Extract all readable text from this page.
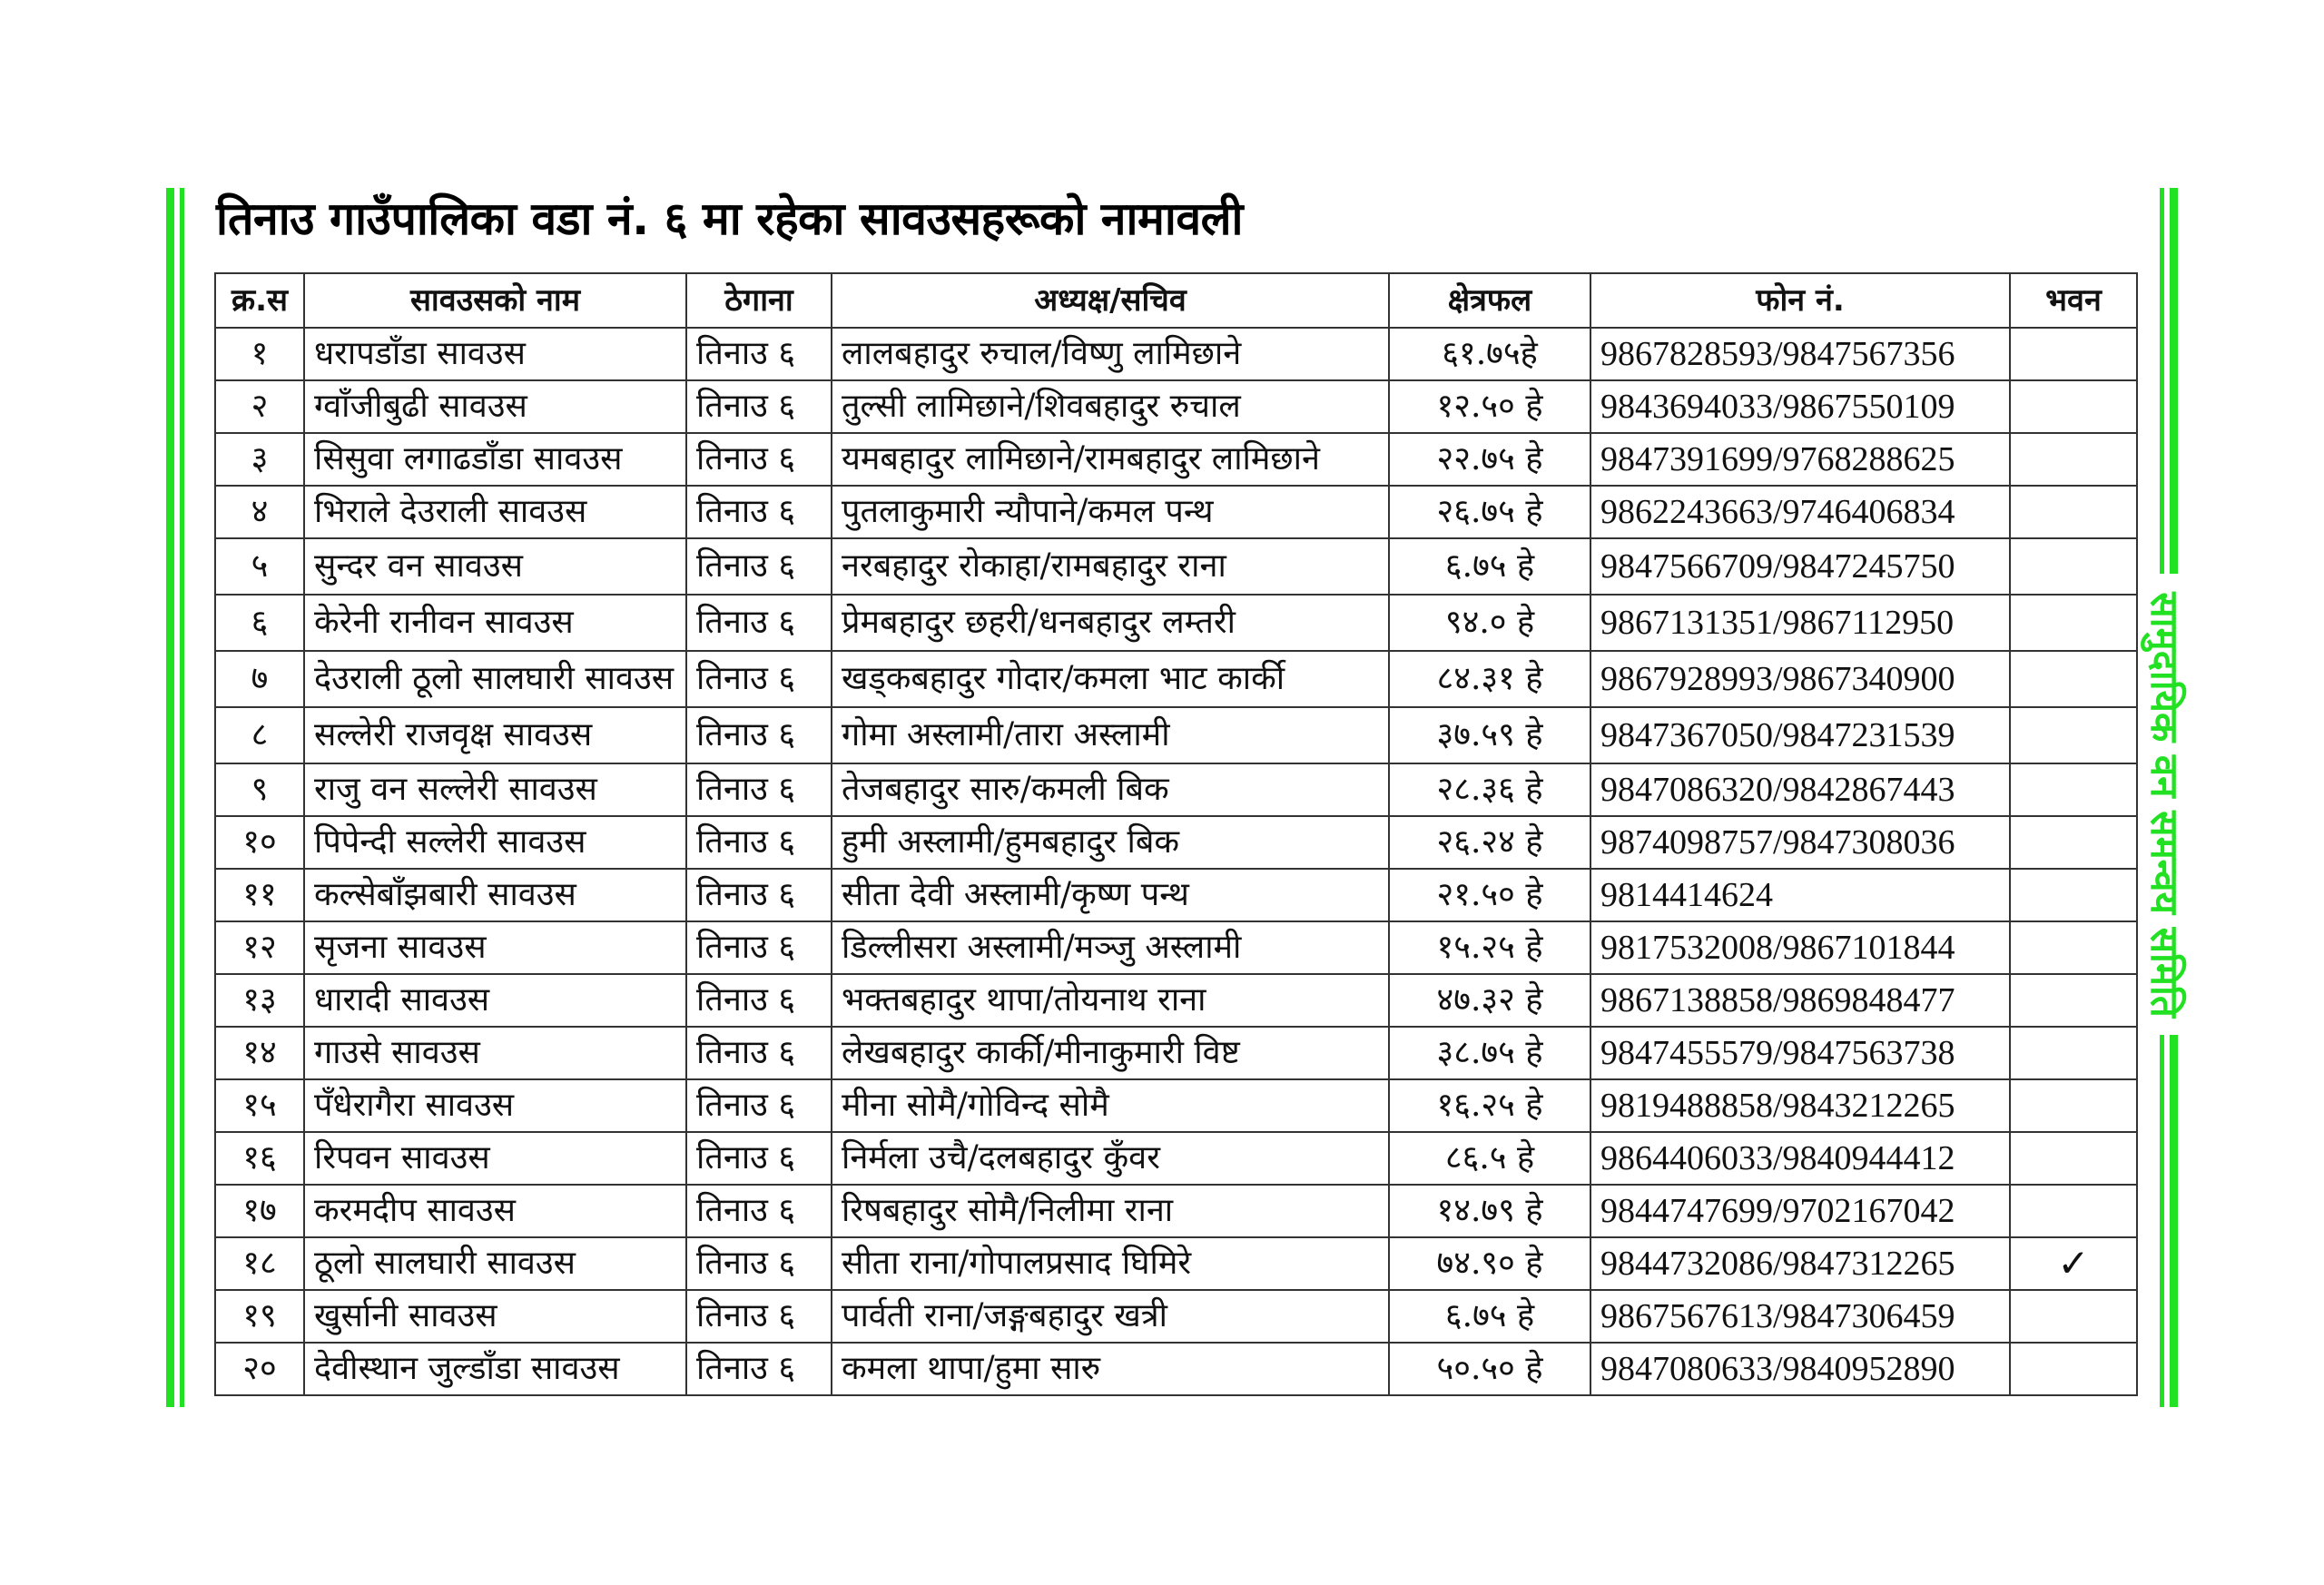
तिनाउ गाउँपालिका वडा नं. ६ मा रहेका सावउसहरूको नामावली
सामुदायिक वन समन्वय समिति
क्र.स	सावउसको नाम	ठेगाना	अध्यक्ष/सचिव	क्षेत्रफल	फोन नं.	भवन
१	धरापडाँडा सावउस	तिनाउ ६	लालबहादुर रुचाल/विष्णु लामिछाने	६१.७५हे	9867828593/9847567356	
२	ग्वाँजीबुढी सावउस	तिनाउ ६	तुल्सी लामिछाने/शिवबहादुर रुचाल	१२.५० हे	9843694033/9867550109	
३	सिसुवा लगाढडाँडा सावउस	तिनाउ ६	यमबहादुर लामिछाने/रामबहादुर लामिछाने	२२.७५ हे	9847391699/9768288625	
४	भिराले देउराली सावउस	तिनाउ ६	पुतलाकुमारी न्यौपाने/कमल पन्थ	२६.७५ हे	9862243663/9746406834	
५	सुन्दर वन सावउस	तिनाउ ६	नरबहादुर रोकाहा/रामबहादुर राना	६.७५ हे	9847566709/9847245750	
६	केरेनी रानीवन सावउस	तिनाउ ६	प्रेमबहादुर छहरी/धनबहादुर लम्तरी	९४.० हे	9867131351/9867112950	
७	देउराली ठूलो सालघारी सावउस	तिनाउ ६	खड्कबहादुर गोदार/कमला भाट कार्की	८४.३१ हे	9867928993/9867340900	
८	सल्लेरी राजवृक्ष सावउस	तिनाउ ६	गोमा अस्लामी/तारा अस्लामी	३७.५९ हे	9847367050/9847231539	
९	राजु वन सल्लेरी सावउस	तिनाउ ६	तेजबहादुर सारु/कमली बिक	२८.३६ हे	9847086320/9842867443	
१०	पिपेन्दी सल्लेरी सावउस	तिनाउ ६	हुमी अस्लामी/हुमबहादुर बिक	२६.२४ हे	9874098757/9847308036	
११	कल्सेबाँझबारी सावउस	तिनाउ ६	सीता देवी अस्लामी/कृष्ण पन्थ	२१.५० हे	9814414624	
१२	सृजना सावउस	तिनाउ ६	डिल्लीसरा अस्लामी/मञ्जु अस्लामी	१५.२५ हे	9817532008/9867101844	
१३	धारादी सावउस	तिनाउ ६	भक्तबहादुर थापा/तोयनाथ राना	४७.३२ हे	9867138858/9869848477	
१४	गाउसे सावउस	तिनाउ ६	लेखबहादुर कार्की/मीनाकुमारी विष्ट	३८.७५ हे	9847455579/9847563738	
१५	पँधेरागैरा सावउस	तिनाउ ६	मीना सोमै/गोविन्द सोमै	१६.२५ हे	9819488858/9843212265	
१६	रिपवन सावउस	तिनाउ ६	निर्मला उचै/दलबहादुर कुँवर	८६.५ हे	9864406033/9840944412	
१७	करमदीप सावउस	तिनाउ ६	रिषबहादुर सोमै/निलीमा राना	१४.७९ हे	9844747699/9702167042	
१८	ठूलो सालघारी सावउस	तिनाउ ६	सीता राना/गोपालप्रसाद घिमिरे	७४.९० हे	9844732086/9847312265	✓
१९	खुर्सानी सावउस	तिनाउ ६	पार्वती राना/जङ्गबहादुर खत्री	६.७५ हे	9867567613/9847306459	
२०	देवीस्थान जुल्डाँडा सावउस	तिनाउ ६	कमला थापा/हुमा सारु	५०.५० हे	9847080633/9840952890	
